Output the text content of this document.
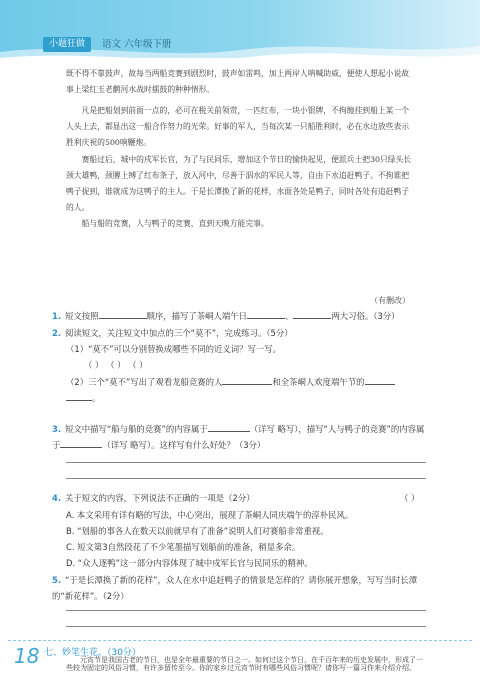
小题狂做	语文 六年级下册
既不得不靠鼓声，故每当两船竞赛到剧烈时，鼓声如雷鸣，加上两岸人呐喊助威，便使人想起小说故事上梁红玉老鹳河水战时擂鼓的种种情形。
凡是把船划到前面一点的，必可在税关前领赏，一匹红布，一块小银牌，不拘缠挂到船上某一个人头上去，都显出这一船合作努力的光荣。好事的军人，当每次某一只船胜利时，必在水边放些表示胜利庆祝的500响鞭炮。
赛船过后，城中的戍军长官，为了与民同乐，增加这个节日的愉快起见，便派兵士把30只绿头长颈大雄鸭，颈膊上缚了红布条子，放入河中，尽善于泅水的军民人等，自由下水追赶鸭子。不拘谁把鸭子捉到，谁就成为这鸭子的主人。于是长潭换了新的花样，水面各处是鸭子，同时各处有追赶鸭子的人。
船与船的竞赛，人与鸭子的竞赛，直到天晚方能完事。
（有删改）
1. 短文按照	顺序，描写了茶峒人端午日	、	两大习俗。（3分）
2. 阅读短文，关注短文中加点的三个“莫不”，完成练习。（5分）
（1）“莫不”可以分别替换成哪些不同的近义词？写一写。
（ ） （ ） （ ）
（2）三个“莫不”写出了观看龙船竞赛的人	和全茶峒人欢度端午节的
。
3. 短文中描写“船与船的竞赛”的内容属于	（详写 略写），描写“人与鸭子的竞赛”的内容属于	（详写 略写）。这样写有什么好处？（3分）
4. 关于短文的内容，下列说法不正确的一项是（2分）	（ ）
A. 本文采用有详有略的写法，中心突出，展现了茶峒人同庆端午的淳朴民风。
B. “划船的事各人在数天以前就早有了准备”说明人们对赛船非常重视。
C. 短文第3自然段花了不少笔墨描写划船前的准备，稍显多余。
D. “众人逐鸭”这一部分内容体现了城中戍军长官与民同乐的精神。
5. “于是长潭换了新的花样”，众人在水中追赶鸭子的情景是怎样的？请你展开想象，写写当时长潭的“新花样”。（2分）
七、妙笔生花。（30分）
元宵节是我国古老的节日，也是全年最重要的节日之一。如何过这个节日，在千百年来的历史发展中，形成了一些较为固定的风俗习惯，有许多留传至今。你的家乡过元宵节时有哪些风俗习惯呢？请你写一篇习作来介绍介绍。
18
